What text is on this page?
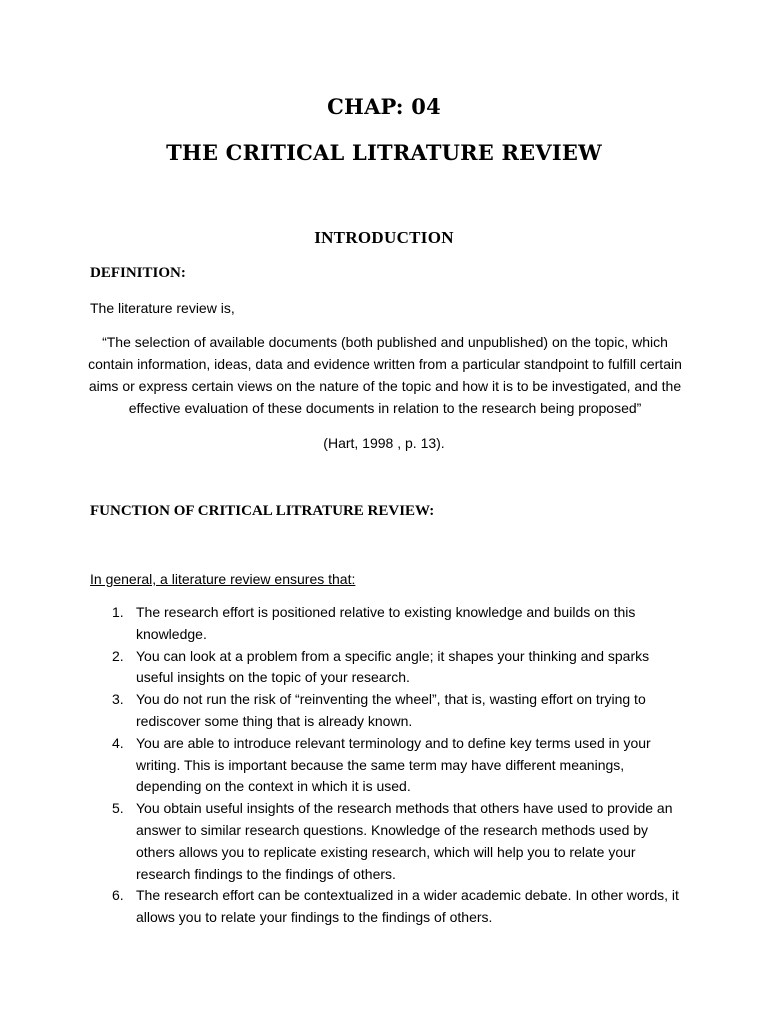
CHAP: 04
THE CRITICAL LITRATURE REVIEW
INTRODUCTION
DEFINITION:
The literature review is,
“The selection of available documents (both published and unpublished) on the topic, which contain information, ideas, data and evidence written from a particular standpoint to fulfill certain aims or express certain views on the nature of the topic and how it is to be investigated, and the effective evaluation of these documents in relation to the research being proposed”
(Hart, 1998 , p. 13).
FUNCTION OF CRITICAL LITRATURE REVIEW:
In general, a literature review ensures that:
1. The research effort is positioned relative to existing knowledge and builds on this knowledge.
2. You can look at a problem from a specific angle; it shapes your thinking and sparks useful insights on the topic of your research.
3. You do not run the risk of “reinventing the wheel”, that is, wasting effort on trying to rediscover some thing that is already known.
4. You are able to introduce relevant terminology and to define key terms used in your writing. This is important because the same term may have different meanings, depending on the context in which it is used.
5. You obtain useful insights of the research methods that others have used to provide an answer to similar research questions. Knowledge of the research methods used by others allows you to replicate existing research, which will help you to relate your research findings to the findings of others.
6. The research effort can be contextualized in a wider academic debate. In other words, it allows you to relate your findings to the findings of others.
